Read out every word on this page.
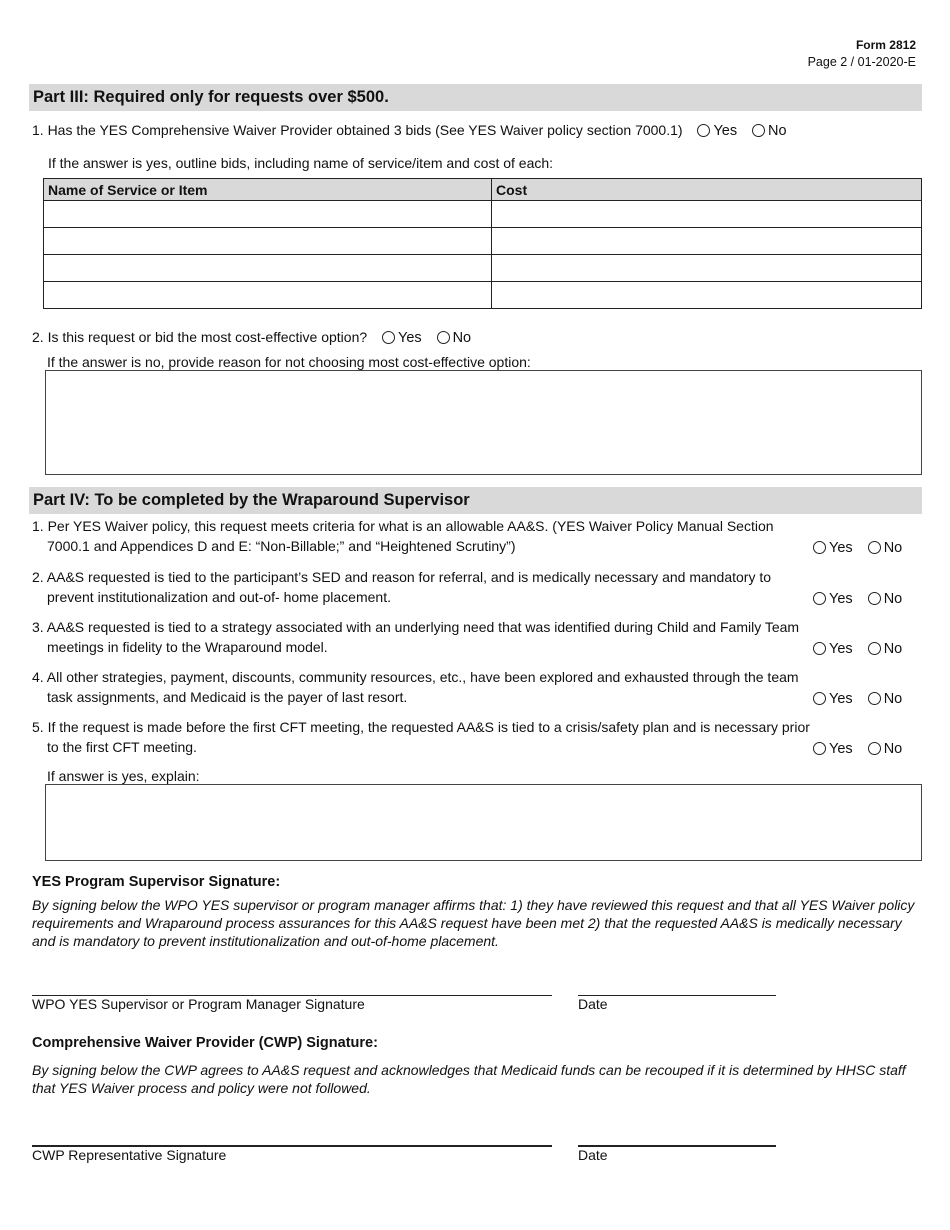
Form 2812
Page 2 / 01-2020-E
Part III: Required only for requests over $500.
1. Has the YES Comprehensive Waiver Provider obtained 3 bids (See YES Waiver policy section 7000.1) Yes No
If the answer is yes, outline bids, including name of service/item and cost of each:
Name of Service or Item	Cost

2. Is this request or bid the most cost-effective option? Yes No
If the answer is no, provide reason for not choosing most cost-effective option:
Part IV: To be completed by the Wraparound Supervisor
1. Per YES Waiver policy, this request meets criteria for what is an allowable AA&S. (YES Waiver Policy Manual Section 7000.1 and Appendices D and E: “Non-Billable;” and “Heightened Scrutiny”)	Yes No
2. AA&S requested is tied to the participant’s SED and reason for referral, and is medically necessary and mandatory to prevent institutionalization and out-of- home placement.	Yes No
3. AA&S requested is tied to a strategy associated with an underlying need that was identified during Child and Family Team meetings in fidelity to the Wraparound model.	Yes No
4. All other strategies, payment, discounts, community resources, etc., have been explored and exhausted through the team task assignments, and Medicaid is the payer of last resort.	Yes No
5. If the request is made before the first CFT meeting, the requested AA&S is tied to a crisis/safety plan and is necessary prior to the first CFT meeting.	Yes No
If answer is yes, explain:
YES Program Supervisor Signature:
By signing below the WPO YES supervisor or program manager affirms that: 1) they have reviewed this request and that all YES Waiver policy requirements and Wraparound process assurances for this AA&S request have been met 2) that the requested AA&S is medically necessary and is mandatory to prevent institutionalization and out-of-home placement.
WPO YES Supervisor or Program Manager Signature	Date
Comprehensive Waiver Provider (CWP) Signature:
By signing below the CWP agrees to AA&S request and acknowledges that Medicaid funds can be recouped if it is determined by HHSC staff that YES Waiver process and policy were not followed.
CWP Representative Signature	Date
